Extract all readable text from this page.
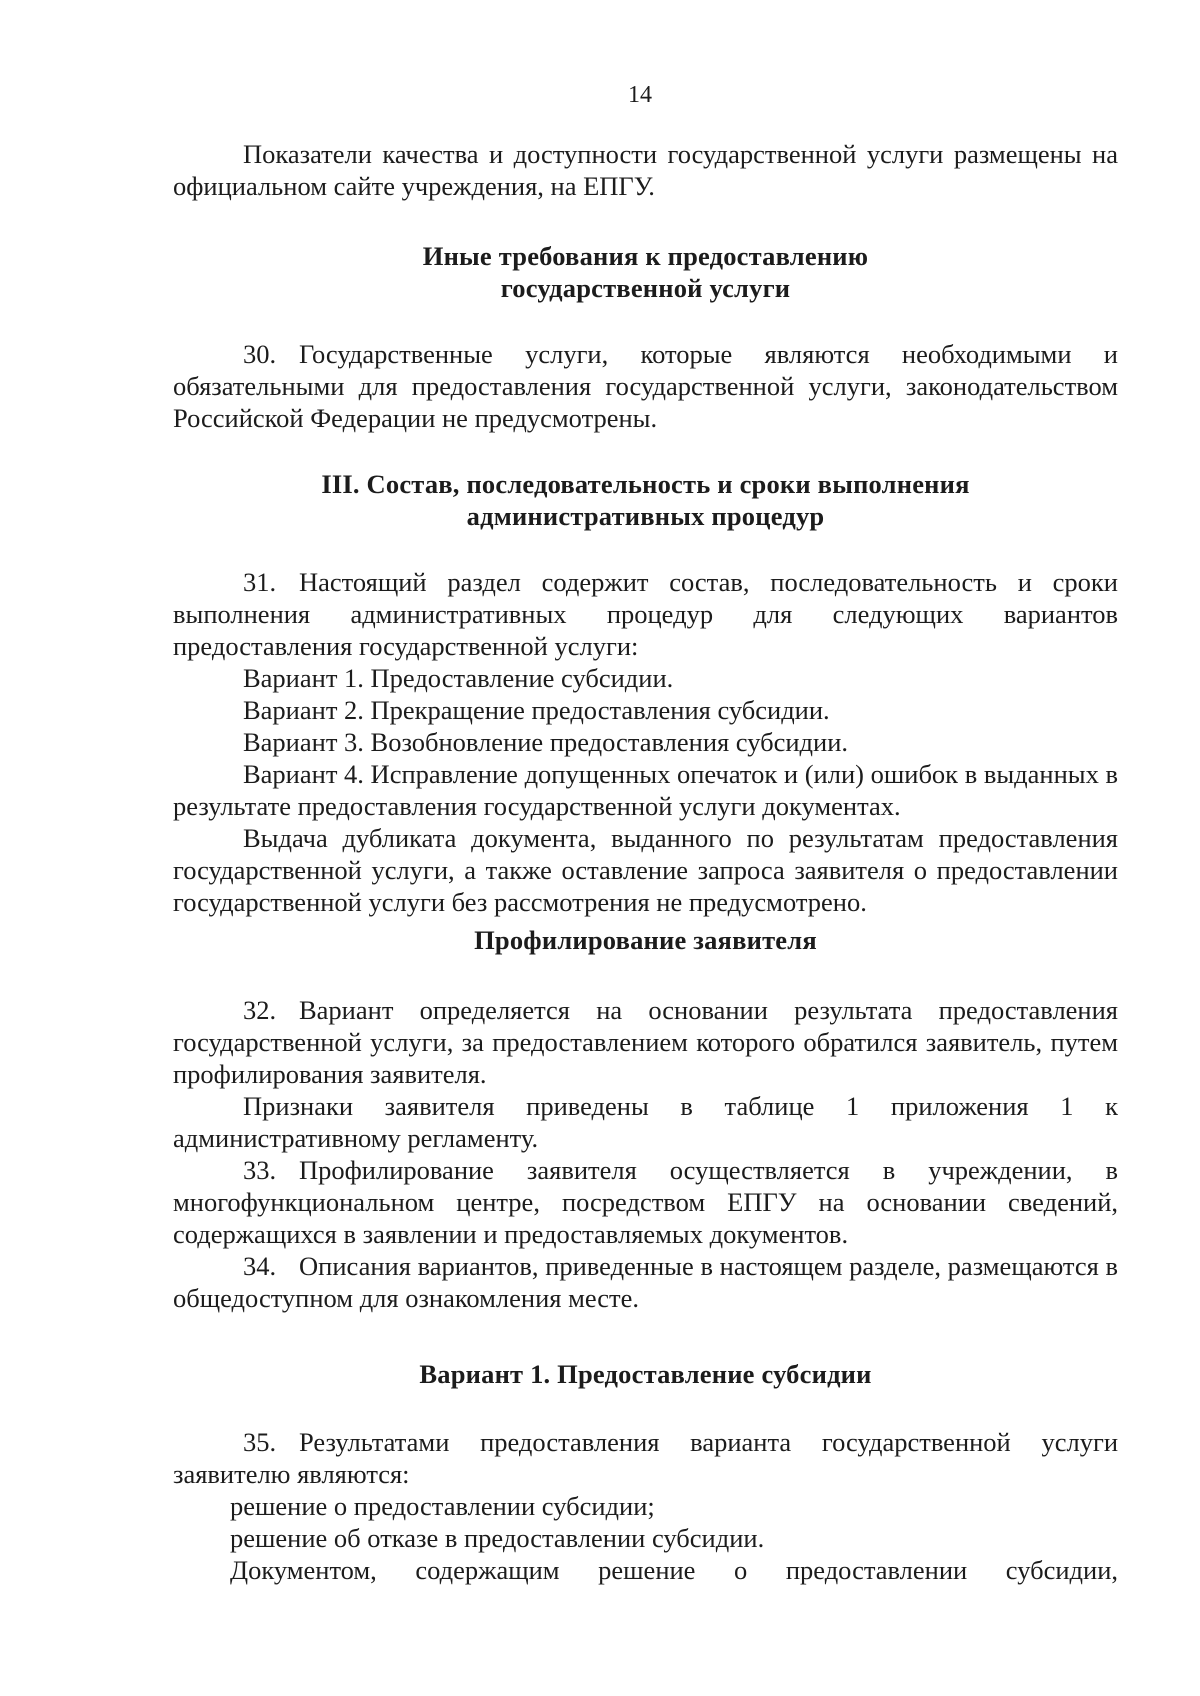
14

Показатели качества и доступности государственной услуги размещены на официальном сайте учреждения, на ЕПГУ.

Иные требования к предоставлению
государственной услуги

30. Государственные услуги, которые являются необходимыми и обязательными для предоставления государственной услуги, законодательством Российской Федерации не предусмотрены.

III. Состав, последовательность и сроки выполнения
административных процедур

31. Настоящий раздел содержит состав, последовательность и сроки выполнения административных процедур для следующих вариантов предоставления государственной услуги:

Вариант 1. Предоставление субсидии.

Вариант 2. Прекращение предоставления субсидии.

Вариант 3. Возобновление предоставления субсидии.

Вариант 4. Исправление допущенных опечаток и (или) ошибок в выданных в результате предоставления государственной услуги документах.

Выдача дубликата документа, выданного по результатам предоставления государственной услуги, а также оставление запроса заявителя о предоставлении государственной услуги без рассмотрения не предусмотрено.

Профилирование заявителя

32. Вариант определяется на основании результата предоставления государственной услуги, за предоставлением которого обратился заявитель, путем профилирования заявителя.

Признаки заявителя приведены в таблице 1 приложения 1 к административному регламенту.

33. Профилирование заявителя осуществляется в учреждении, в многофункциональном центре, посредством ЕПГУ на основании сведений, содержащихся в заявлении и предоставляемых документов.

34. Описания вариантов, приведенные в настоящем разделе, размещаются в общедоступном для ознакомления месте.

Вариант 1. Предоставление субсидии

35. Результатами предоставления варианта государственной услуги заявителю являются:

решение о предоставлении субсидии;

решение об отказе в предоставлении субсидии.

Документом, содержащим решение о предоставлении субсидии,
